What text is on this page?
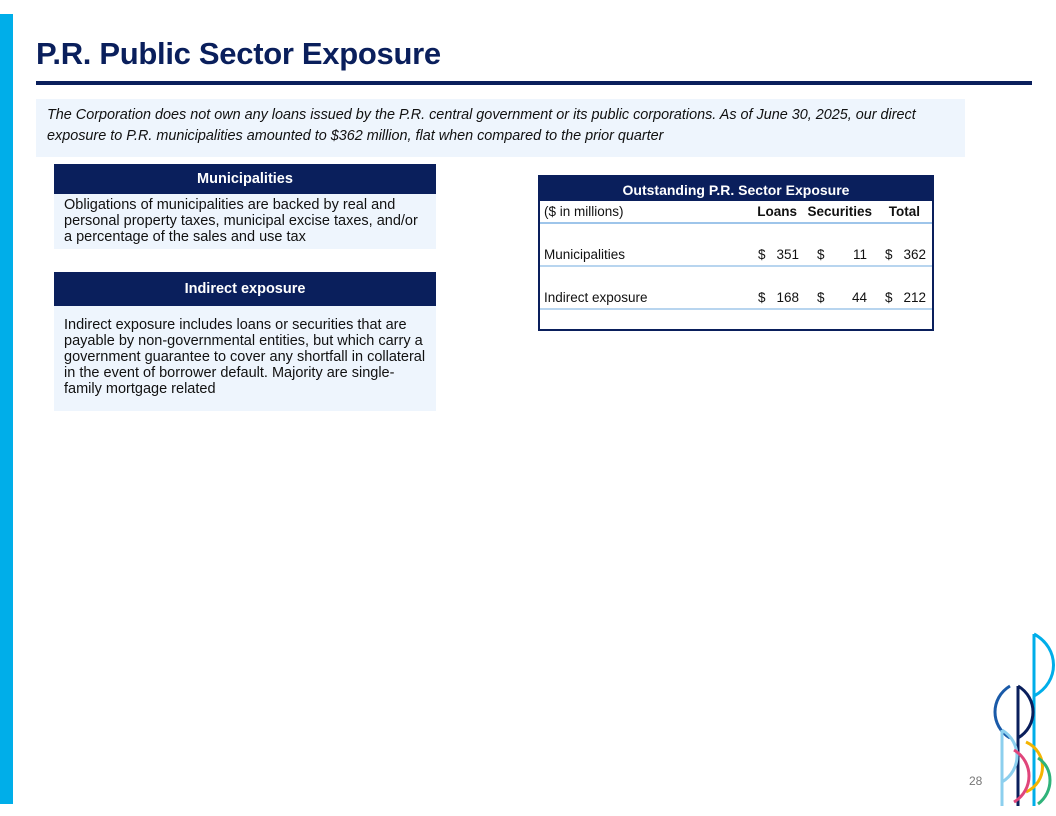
P.R. Public Sector Exposure
The Corporation does not own any loans issued by the P.R. central government or its public corporations. As of June 30, 2025, our direct exposure to P.R. municipalities amounted to $362 million, flat when compared to the prior quarter
Municipalities
Obligations of municipalities are backed by real and personal property taxes, municipal excise taxes, and/or a percentage of the sales and use tax
Indirect exposure
Indirect exposure includes loans or securities that are payable by non-governmental entities, but which carry a government guarantee to cover any shortfall in collateral in the event of borrower default. Majority are single-family mortgage related
Outstanding P.R. Sector Exposure
($ in millions)	Loans Securities Total
Municipalities	$ 351 $ 11 $ 362
Indirect exposure	$ 168 $ 44 $ 212
28
